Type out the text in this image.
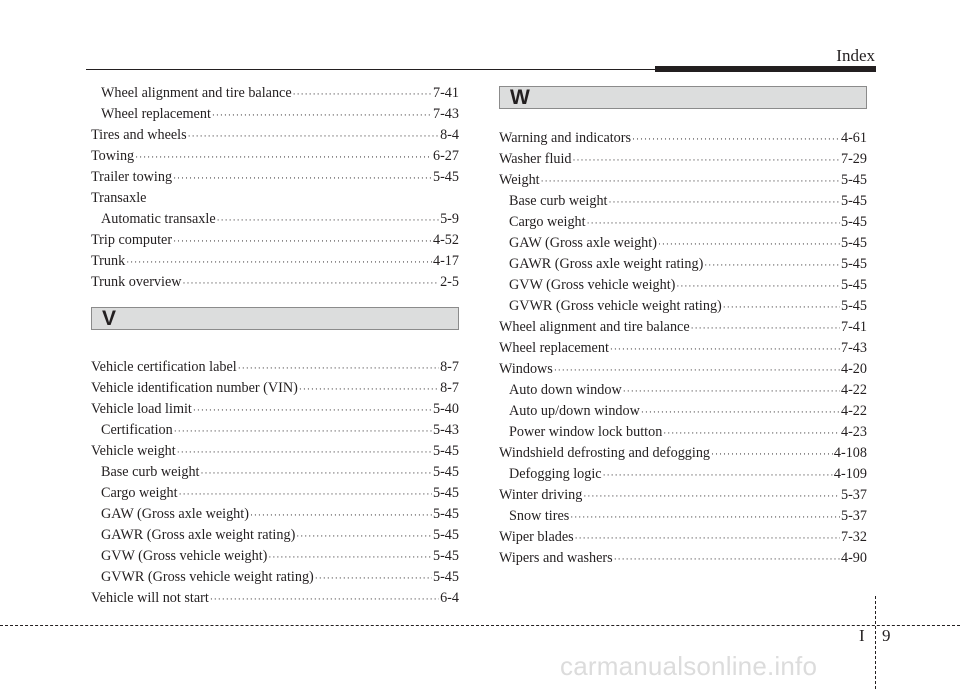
Index
Wheel alignment and tire balance ·····	7-41
Wheel replacement ·····	7-43
Tires and wheels ·····	8-4
Towing ·····	6-27
Trailer towing ·····	5-45
Transaxle
Automatic transaxle ·····	5-9
Trip computer ·····	4-52
Trunk ·····	4-17
Trunk overview ·····	2-5
V
Vehicle certification label ·····	8-7
Vehicle identification number (VIN) ·····	8-7
Vehicle load limit ·····	5-40
Certification ·····	5-43
Vehicle weight ·····	5-45
Base curb weight ·····	5-45
Cargo weight ·····	5-45
GAW (Gross axle weight) ·····	5-45
GAWR (Gross axle weight rating) ·····	5-45
GVW (Gross vehicle weight) ·····	5-45
GVWR (Gross vehicle weight rating) ·····	5-45
Vehicle will not start ·····	6-4
W
Warning and indicators ·····	4-61
Washer fluid ·····	7-29
Weight ·····	5-45
Base curb weight ·····	5-45
Cargo weight ·····	5-45
GAW (Gross axle weight) ·····	5-45
GAWR (Gross axle weight rating) ·····	5-45
GVW (Gross vehicle weight) ·····	5-45
GVWR (Gross vehicle weight rating) ·····	5-45
Wheel alignment and tire balance ·····	7-41
Wheel replacement ·····	7-43
Windows ·····	4-20
Auto down window ·····	4-22
Auto up/down window ·····	4-22
Power window lock button ·····	4-23
Windshield defrosting and defogging ·····	4-108
Defogging logic ·····	4-109
Winter driving ·····	5-37
Snow tires ·····	5-37
Wiper blades ·····	7-32
Wipers and washers ·····	4-90
I 9
carmanualsonline.info
